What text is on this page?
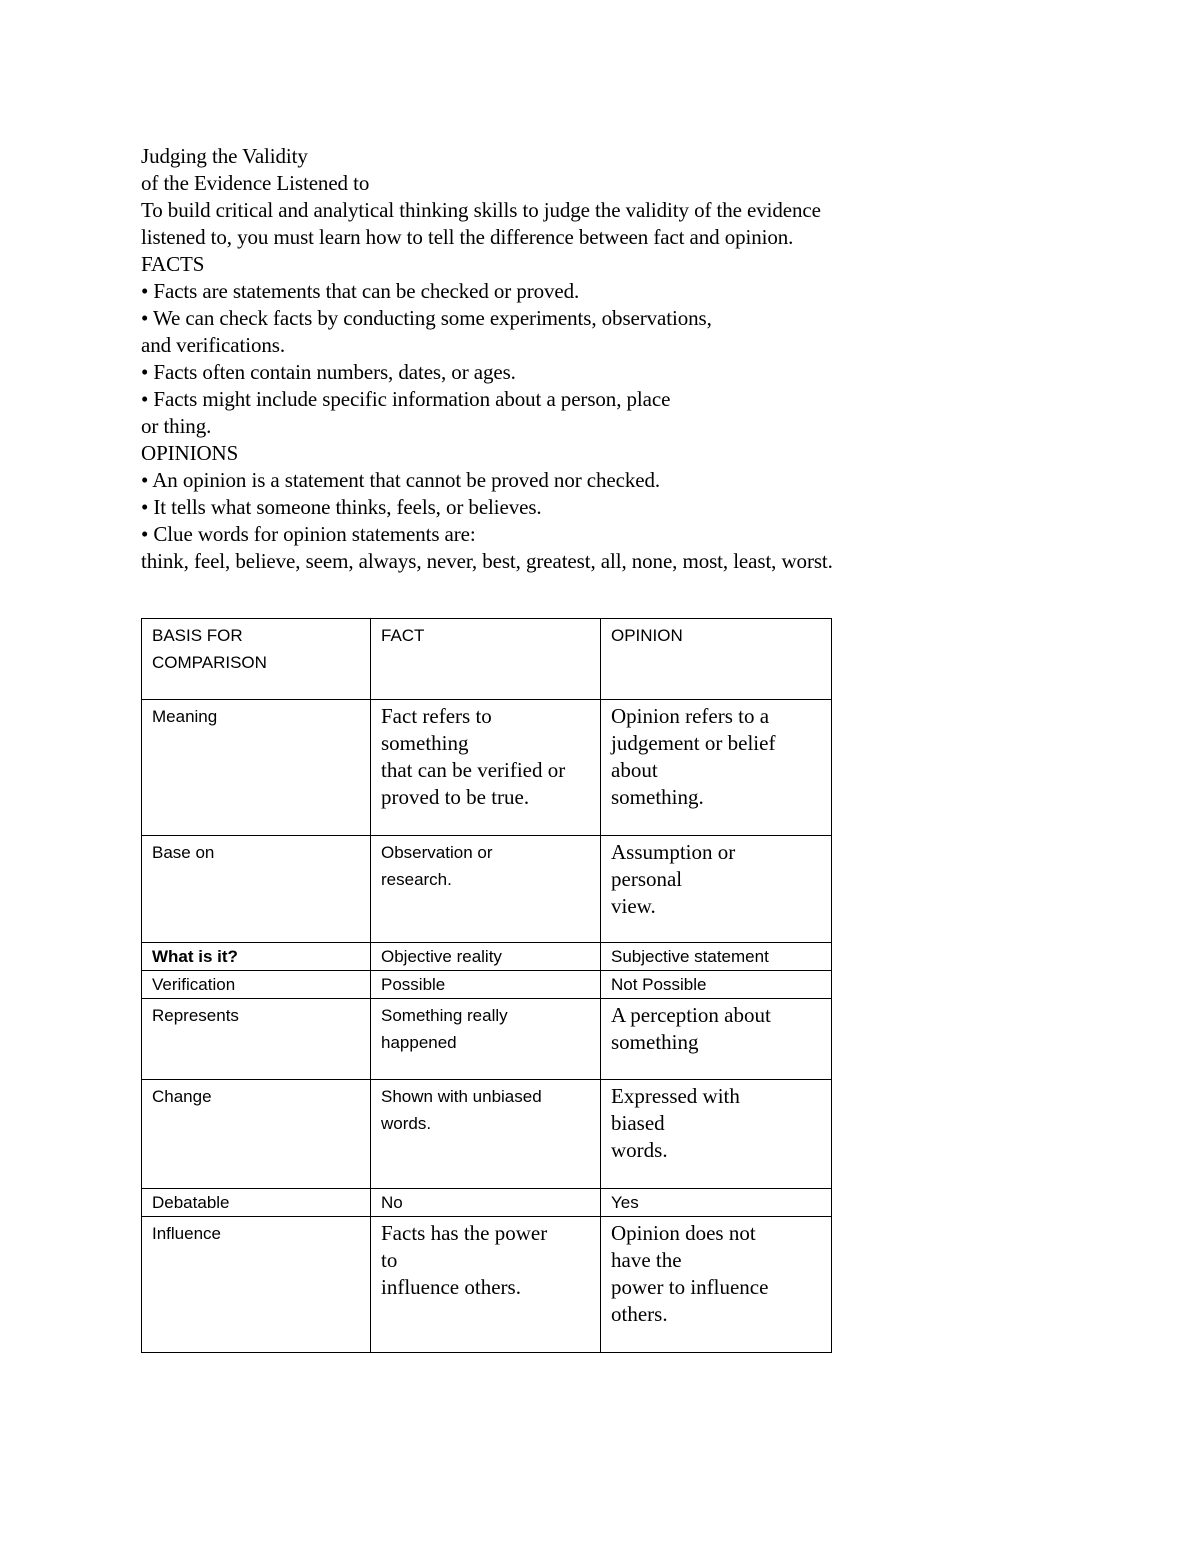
Judging the Validity
of the Evidence Listened to
To build critical and analytical thinking skills to judge the validity of the evidence
listened to, you must learn how to tell the difference between fact and opinion.
FACTS
• Facts are statements that can be checked or proved.
• We can check facts by conducting some experiments, observations,
and verifications.
• Facts often contain numbers, dates, or ages.
• Facts might include specific information about a person, place
or thing.
OPINIONS
• An opinion is a statement that cannot be proved nor checked.
• It tells what someone thinks, feels, or believes.
• Clue words for opinion statements are:
think, feel, believe, seem, always, never, best, greatest, all, none, most, least, worst.
BASIS FOR
COMPARISON	FACT	OPINION

Meaning	Fact refers to
something
that can be verified or
proved to be true.	Opinion refers to a
judgement or belief
about
something.

Base on	Observation or
research.	Assumption or
personal
view.

What is it?	Objective reality	Subjective statement

Verification	Possible	Not Possible

Represents	Something really
happened	A perception about
something

Change	Shown with unbiased
words.	Expressed with
biased
words.

Debatable	No	Yes

Influence	Facts has the power
to
influence others.	Opinion does not
have the
power to influence
others.
